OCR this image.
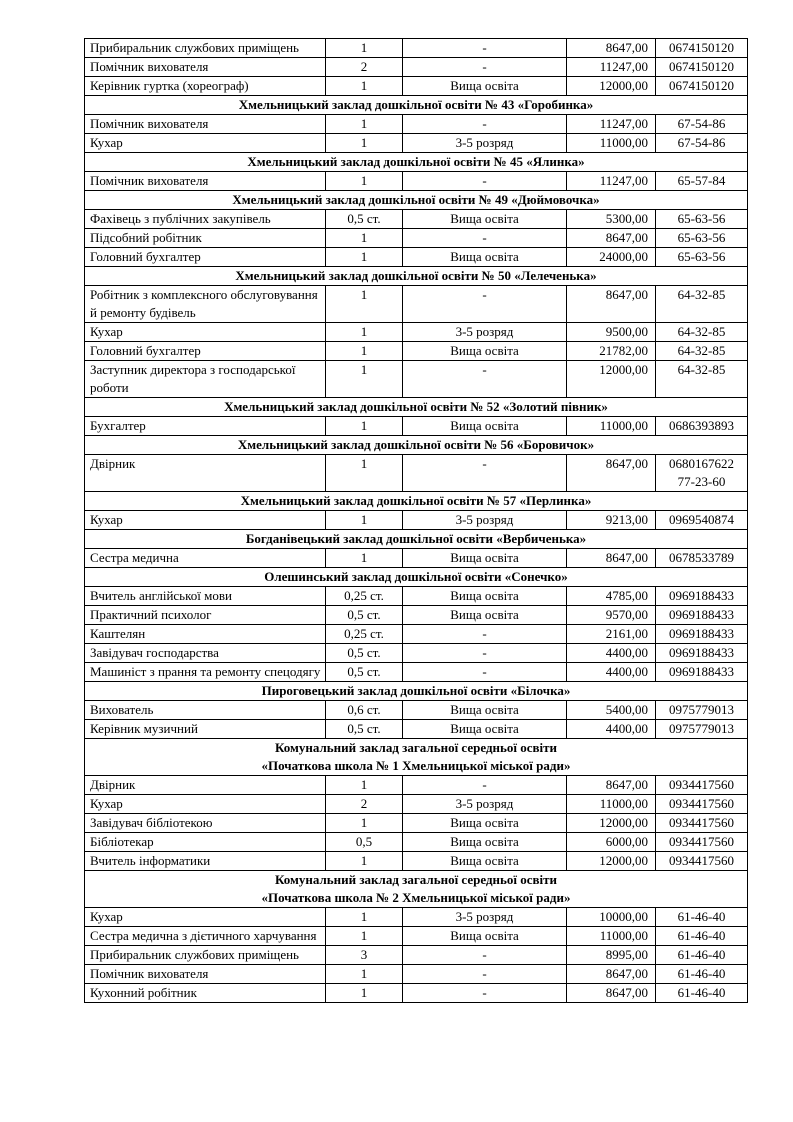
Прибиральник службових приміщень	1	-	8647,00	0674150120

Помічник вихователя	2	-	11247,00	0674150120

Керівник гуртка (хореограф)	1	Вища освіта	12000,00	0674150120

Хмельницький заклад дошкільної освіти № 43 «Горобинка»				

Помічник вихователя	1	-	11247,00	67-54-86

Кухар	1	3-5 розряд	11000,00	67-54-86

Хмельницький заклад дошкільної освіти № 45 «Ялинка»				

Помічник вихователя	1	-	11247,00	65-57-84

Хмельницький заклад дошкільної освіти № 49 «Дюймовочка»				

Фахівець з публічних закупівель	0,5 ст.	Вища освіта	5300,00	65-63-56

Підсобний робітник	1	-	8647,00	65-63-56

Головний бухгалтер	1	Вища освіта	24000,00	65-63-56

Хмельницький заклад дошкільної освіти № 50 «Лелеченька»				

Робітник з комплексного обслуговування й ремонту будівель	1	-	8647,00	64-32-85

Кухар	1	3-5 розряд	9500,00	64-32-85

Головний бухгалтер	1	Вища освіта	21782,00	64-32-85

Заступник директора з господарської роботи	1	-	12000,00	64-32-85

Хмельницький заклад дошкільної освіти № 52 «Золотий півник»				

Бухгалтер	1	Вища освіта	11000,00	0686393893

Хмельницький заклад дошкільної освіти № 56 «Боровичок»				

Двірник	1	-	8647,00	0680167622
77-23-60

Хмельницький заклад дошкільної освіти № 57 «Перлинка»				

Кухар	1	3-5 розряд	9213,00	0969540874

Богданівецький заклад дошкільної освіти «Вербиченька»				

Сестра медична	1	Вища освіта	8647,00	0678533789

Олешинський заклад дошкільної освіти «Сонечко»				

Вчитель англійської мови	0,25 ст.	Вища освіта	4785,00	0969188433

Практичний психолог	0,5 ст.	Вища освіта	9570,00	0969188433

Каштелян	0,25 ст.	-	2161,00	0969188433

Завідувач господарства	0,5 ст.	-	4400,00	0969188433

Машиніст з прання та ремонту спецодягу	0,5 ст.	-	4400,00	0969188433

Пироговецький заклад дошкільної освіти «Білочка»				

Вихователь	0,6 ст.	Вища освіта	5400,00	0975779013

Керівник музичний	0,5 ст.	Вища освіта	4400,00	0975779013

Комунальний заклад загальної середньої освіти
«Початкова школа № 1 Хмельницької міської ради»				

Двірник	1	-	8647,00	0934417560

Кухар	2	3-5 розряд	11000,00	0934417560

Завідувач бібліотекою	1	Вища освіта	12000,00	0934417560

Бібліотекар	0,5	Вища освіта	6000,00	0934417560

Вчитель інформатики	1	Вища освіта	12000,00	0934417560

Комунальний заклад загальної середньої освіти
«Початкова школа № 2 Хмельницької міської ради»				

Кухар	1	3-5 розряд	10000,00	61-46-40

Сестра медична з дієтичного харчування	1	Вища освіта	11000,00	61-46-40

Прибиральник службових приміщень	3	-	8995,00	61-46-40

Помічник вихователя	1	-	8647,00	61-46-40

Кухонний робітник	1	-	8647,00	61-46-40
